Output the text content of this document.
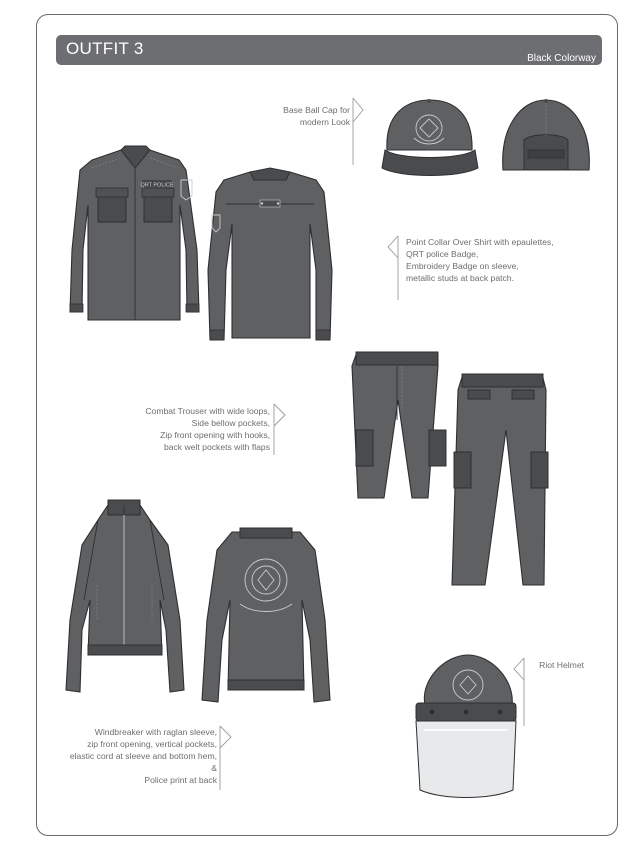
OUTFIT 3
Black Colorway
Base Ball Cap for
modern Look
Point Collar Over Shirt with epaulettes,
QRT police Badge,
Embroidery Badge on sleeve,
metallic studs at back patch.
Combat Trouser with wide loops,
Side bellow pockets,
Zip front opening with hooks,
back welt pockets with flaps
Riot Helmet
Windbreaker with raglan sleeve,
zip front opening, vertical pockets,
elastic cord at sleeve and bottom hem,
&
Police print at back
QRT POLICE
